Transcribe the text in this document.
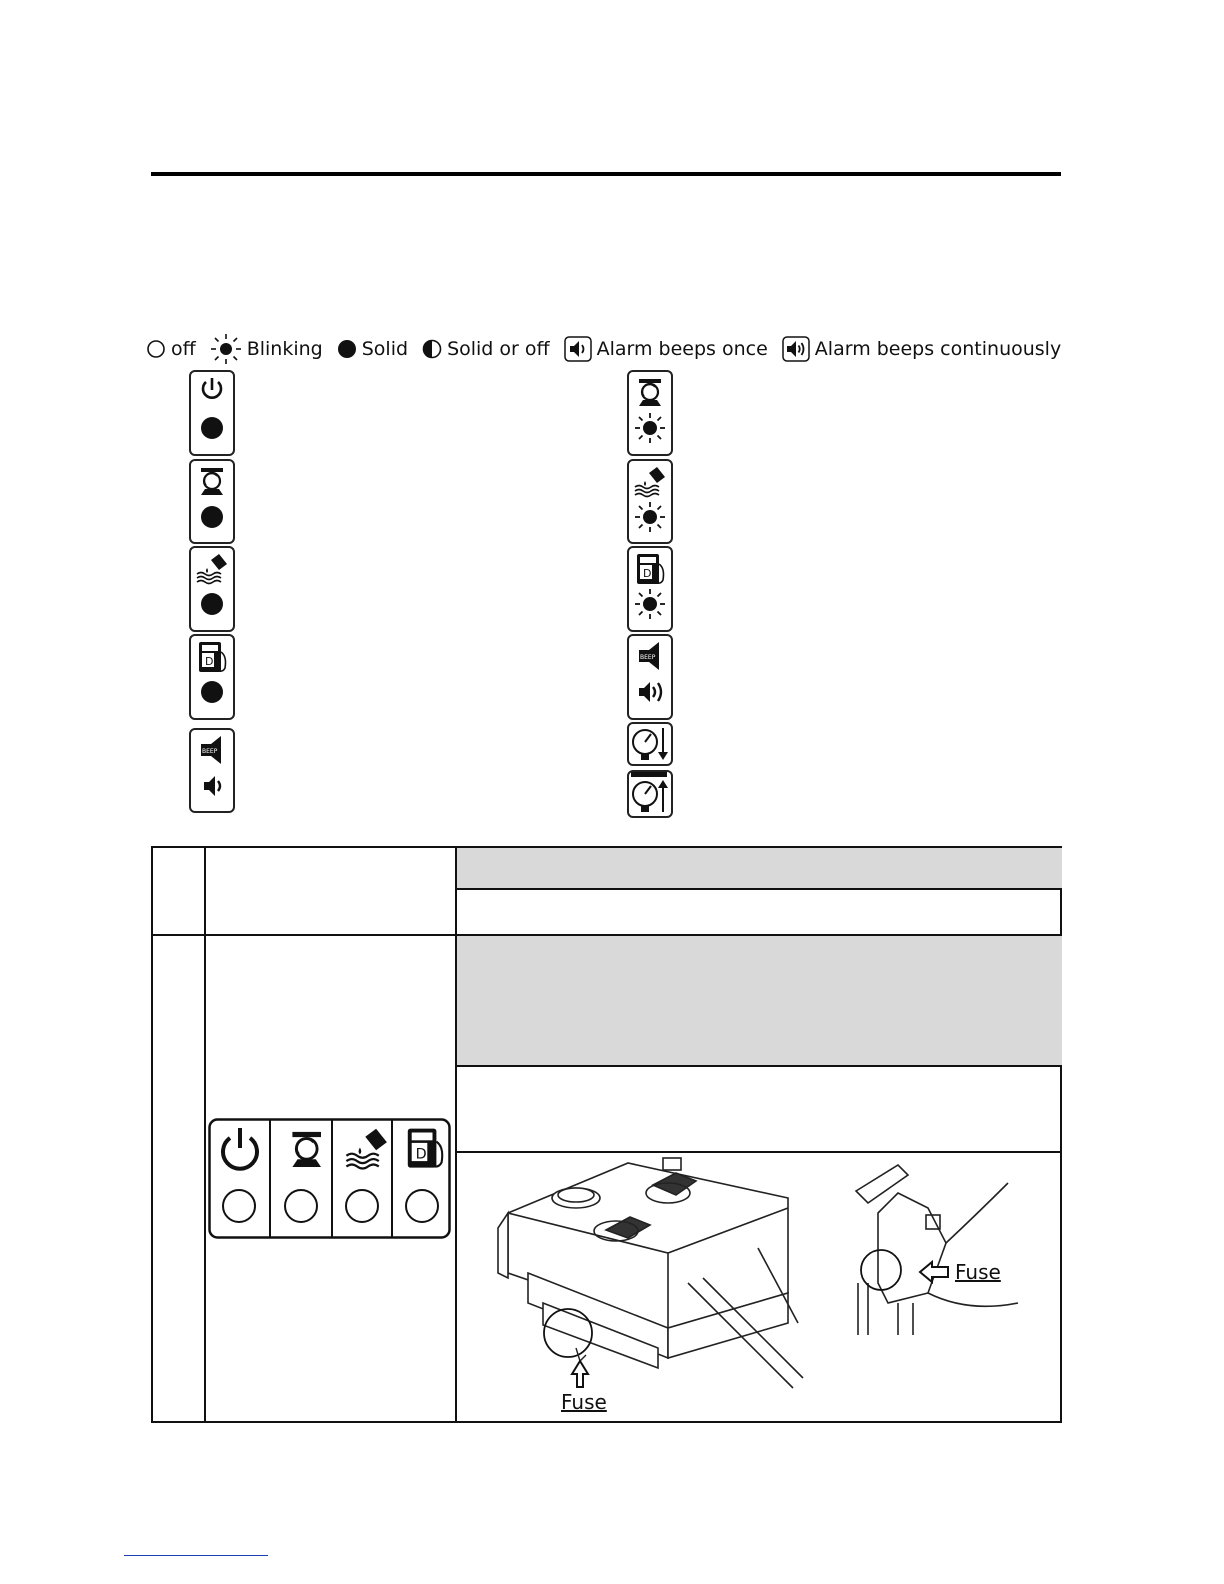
off	Blinking Solid Solid or off Alarm beeps once Alarm beeps continuously
Fuse
Fuse
